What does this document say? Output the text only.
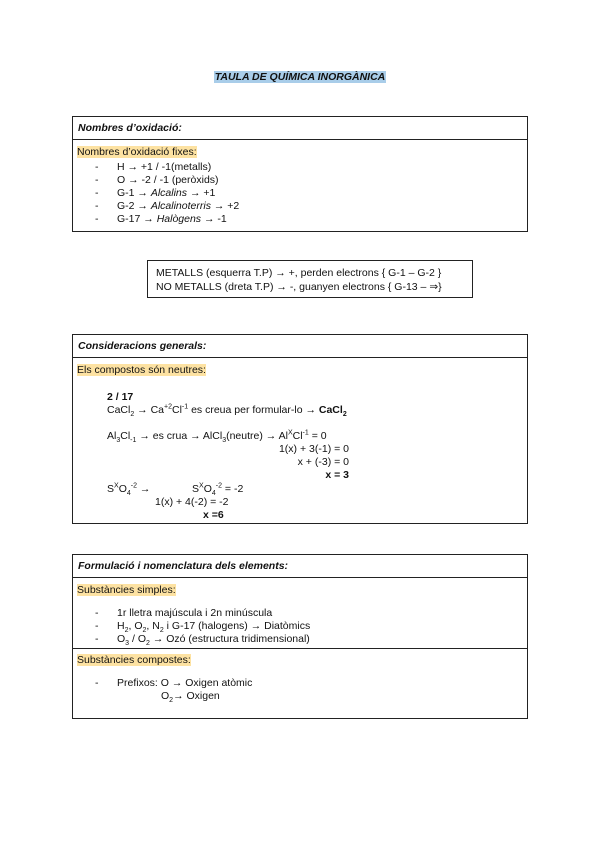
TAULA DE QUÍMICA INORGÀNICA
Nombres d’oxidació:
Nombres d’oxidació fixes:
- H → +1 / -1(metalls)
- O → -2 / -1 (peròxids)
- G-1 → Alcalins → +1
- G-2 → Alcalinoterris → +2
- G-17 → Halògens → -1
METALLS (esquerra T.P) → +, perden electrons { G-1 – G-2 }
NO METALLS (dreta T.P) → -, guanyen electrons { G-13 – ⇒}
Consideracions generals:
Els compostos són neutres:
2 / 17
CaCl$_2$ → $Ca^{+2}Cl^{-1}$ es creua per formular-lo → CaCl$_2$
$Al_3Cl_{-1}$ → es crua → AlCl$_3$(neutre) → $Al^XCl^{-1} = 0$
1(x) + 3(-1) = 0
x + (-3) = 0
x = 3
$S^XO_4^{-2}$ →	$S^XO_4^{-2} = -2$
1(x) + 4(-2) = -2
x =6
Formulació i nomenclatura dels elements:
Substàncies simples:
- 1r lletra majúscula i 2n minúscula
- $H_2$, $O_2$, $N_2$ i G-17 (halogens) → Diatòmics
- $O_3 / O_2$ → Ozó (estructura tridimensional)
Substàncies compostes:
- Prefixos: O → Oxigen atòmic
$O_2\to$ Oxigen
